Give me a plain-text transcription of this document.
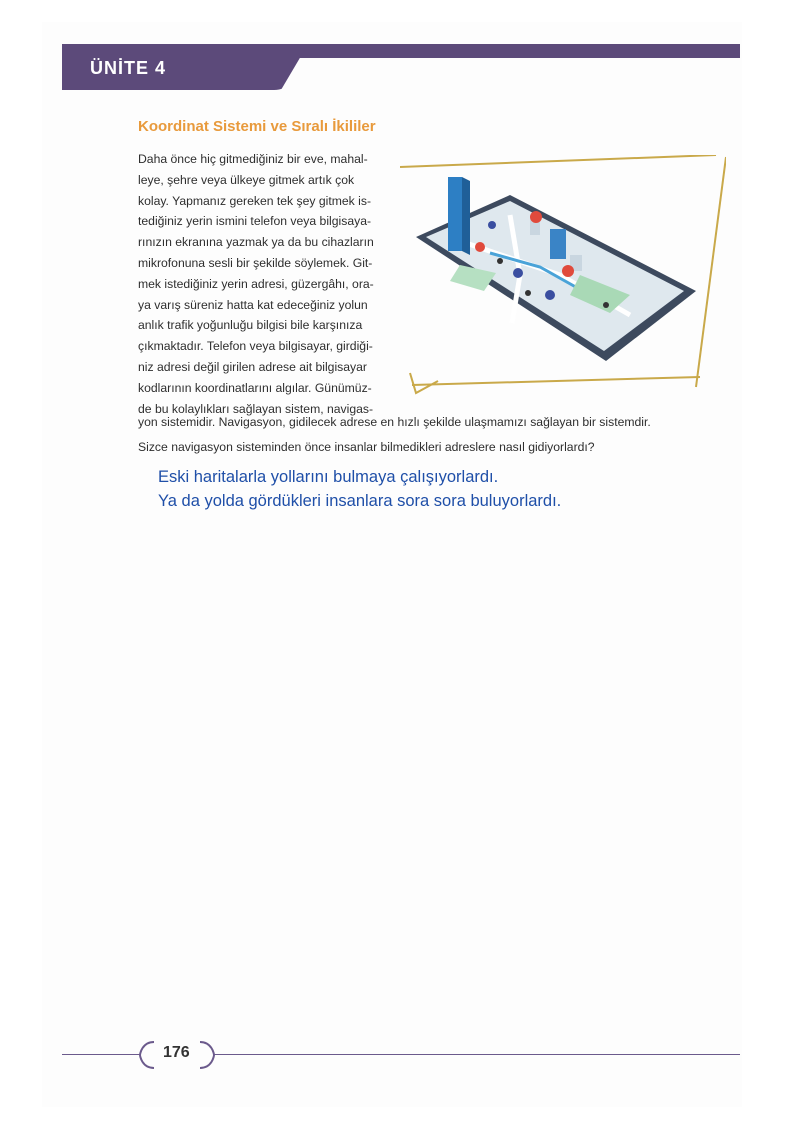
ÜNİTE 4
Koordinat Sistemi ve Sıralı İkililer
Daha önce hiç gitmediğiniz bir eve, mahal-
leye, şehre veya ülkeye gitmek artık çok
kolay. Yapmanız gereken tek şey gitmek is-
tediğiniz yerin ismini telefon veya bilgisaya-
rınızın ekranına yazmak ya da bu cihazların
mikrofonuna sesli bir şekilde söylemek. Git-
mek istediğiniz yerin adresi, güzergâhı, ora-
ya varış süreniz hatta kat edeceğiniz yolun
anlık trafik yoğunluğu bilgisi bile karşınıza
çıkmaktadır. Telefon veya bilgisayar, girdiği-
niz adresi değil girilen adrese ait bilgisayar
kodlarının koordinatlarını algılar. Günümüz-
de bu kolaylıkları sağlayan sistem, navigas-
yon sistemidir. Navigasyon, gidilecek adrese en hızlı şekilde ulaşmamızı sağlayan bir sistemdir.
Sizce navigasyon sisteminden önce insanlar bilmedikleri adreslere nasıl gidiyorlardı?
Eski haritalarla yollarını bulmaya çalışıyorlardı.
Ya da yolda gördükleri insanlara sora sora buluyorlardı.
176
